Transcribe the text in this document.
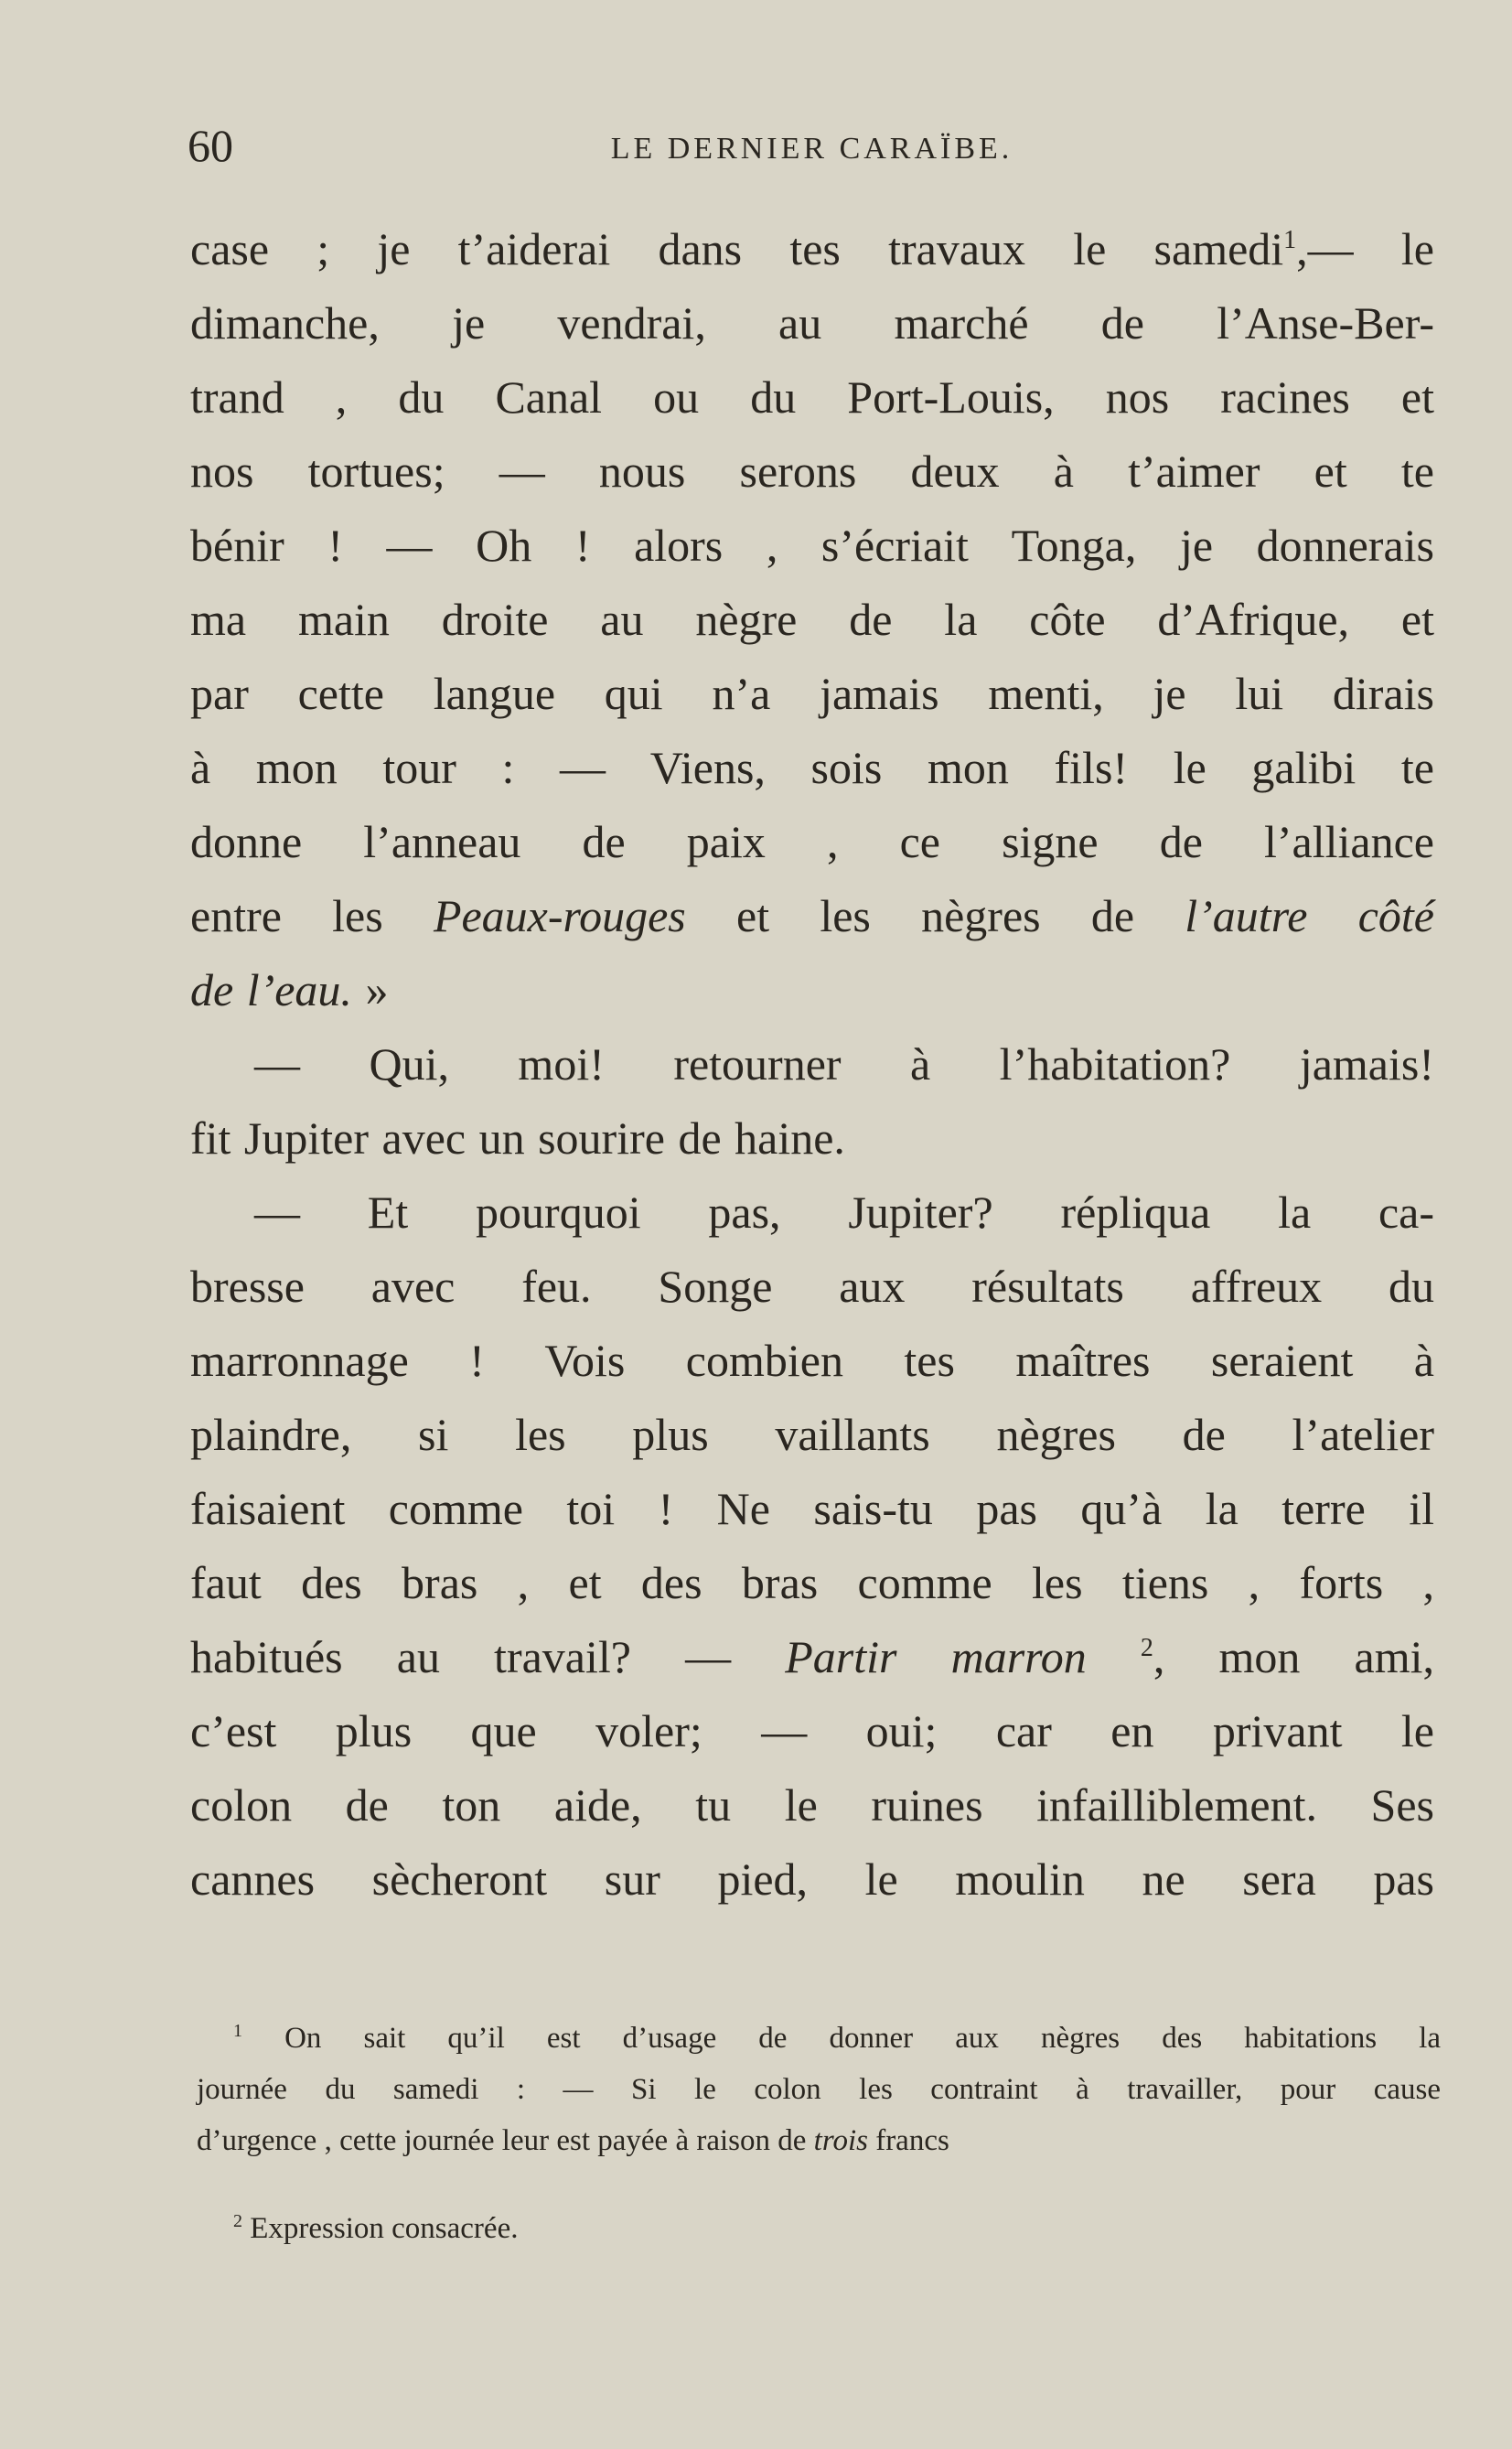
60	LE DERNIER CARAÏBE.
case ; je t’aiderai dans tes travaux le samedi$^1$,— le
dimanche, je vendrai, au marché de l’Anse-Ber-
trand , du Canal ou du Port-Louis, nos racines et
nos tortues; — nous serons deux à t’aimer et te
bénir ! — Oh ! alors , s’écriait Tonga, je donnerais
ma main droite au nègre de la côte d’Afrique, et
par cette langue qui n’a jamais menti, je lui dirais
à mon tour : — Viens, sois mon fils! le galibi te
donne l’anneau de paix , ce signe de l’alliance
entre les Peaux-rouges et les nègres de l’autre côté
de l’eau. »
— Qui, moi! retourner à l’habitation? jamais!
fit Jupiter avec un sourire de haine.
— Et pourquoi pas, Jupiter? répliqua la ca-
bresse avec feu. Songe aux résultats affreux du
marronnage ! Vois combien tes maîtres seraient à
plaindre, si les plus vaillants nègres de l’atelier
faisaient comme toi ! Ne sais-tu pas qu’à la terre il
faut des bras , et des bras comme les tiens , forts ,
habitués au travail? — Partir marron $^2$, mon ami,
c’est plus que voler; — oui; car en privant le
colon de ton aide, tu le ruines infailliblement. Ses
cannes sècheront sur pied, le moulin ne sera pas
$^1$ On sait qu’il est d’usage de donner aux nègres des habitations la
journée du samedi : — Si le colon les contraint à travailler, pour cause
d’urgence , cette journée leur est payée à raison de trois francs
$^2$ Expression consacrée.
